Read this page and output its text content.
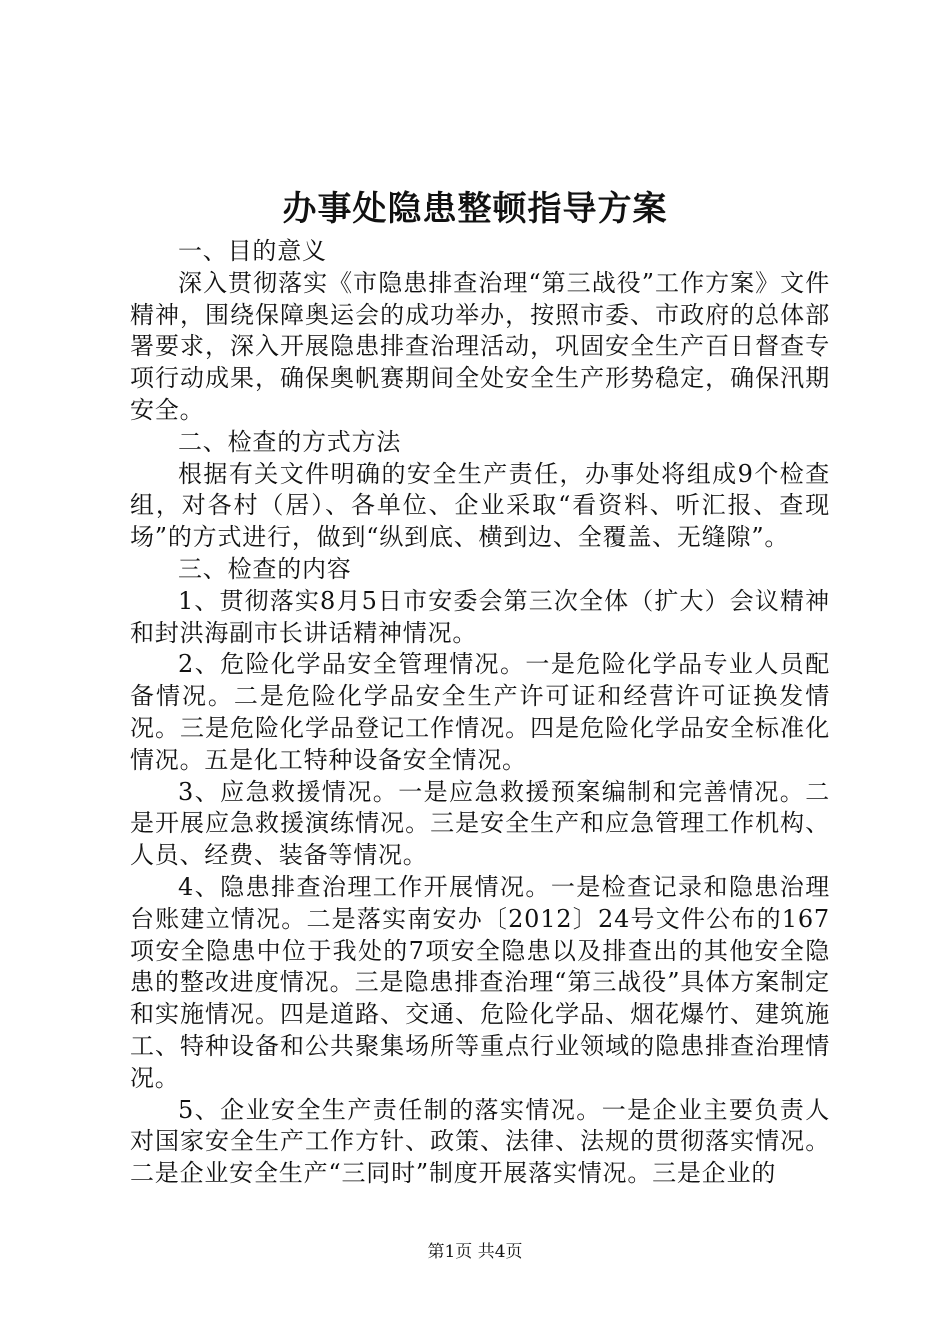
办事处隐患整顿指导方案

一、目的意义

深入贯彻落实《市隐患排查治理“第三战役”工作方案》文件精神，围绕保障奥运会的成功举办，按照市委、市政府的总体部署要求，深入开展隐患排查治理活动，巩固安全生产百日督查专项行动成果，确保奥帆赛期间全处安全生产形势稳定，确保汛期安全。

二、检查的方式方法

根据有关文件明确的安全生产责任，办事处将组成9个检查组，对各村（居）、各单位、企业采取“看资料、听汇报、查现场”的方式进行，做到“纵到底、横到边、全覆盖、无缝隙”。

三、检查的内容

1、贯彻落实8月5日市安委会第三次全体（扩大）会议精神和封洪海副市长讲话精神情况。

2、危险化学品安全管理情况。一是危险化学品专业人员配备情况。二是危险化学品安全生产许可证和经营许可证换发情况。三是危险化学品登记工作情况。四是危险化学品安全标准化情况。五是化工特种设备安全情况。

3、应急救援情况。一是应急救援预案编制和完善情况。二是开展应急救援演练情况。三是安全生产和应急管理工作机构、人员、经费、装备等情况。

4、隐患排查治理工作开展情况。一是检查记录和隐患治理台账建立情况。二是落实南安办〔2012〕24号文件公布的167项安全隐患中位于我处的7项安全隐患以及排查出的其他安全隐患的整改进度情况。三是隐患排查治理“第三战役”具体方案制定和实施情况。四是道路、交通、危险化学品、烟花爆竹、建筑施工、特种设备和公共聚集场所等重点行业领域的隐患排查治理情况。

5、企业安全生产责任制的落实情况。一是企业主要负责人对国家安全生产工作方针、政策、法律、法规的贯彻落实情况。二是企业安全生产“三同时”制度开展落实情况。三是企业的

第1页 共4页
